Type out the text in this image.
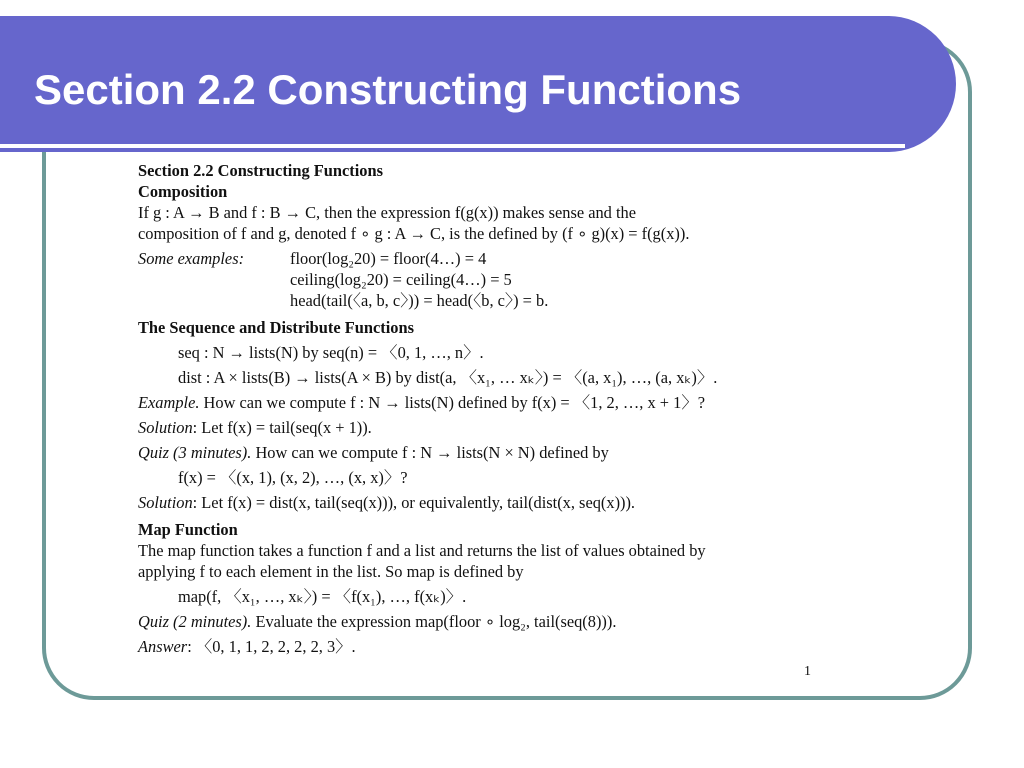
Section 2.2 Constructing Functions
Section 2.2 Constructing Functions
Composition
If g : A → B and f : B → C, then the expression f(g(x)) makes sense and the
composition of f and g, denoted f ∘ g : A → C, is the defined by (f ∘ g)(x) = f(g(x)).
Some examples:	floor(log₂20) = floor(4…) = 4
ceiling(log₂20) = ceiling(4…) = 5
head(tail(〈a, b, c〉)) = head(〈b, c〉) = b.
The Sequence and Distribute Functions
seq : N → lists(N) by seq(n) = 〈0, 1, …, n〉.
dist : A × lists(B) → lists(A × B) by dist(a, 〈x₁, … xₖ〉) = 〈(a, x₁), …, (a, xₖ)〉.
Example. How can we compute f : N → lists(N) defined by f(x) = 〈1, 2, …, x + 1〉?
Solution: Let f(x) = tail(seq(x + 1)).
Quiz (3 minutes). How can we compute f : N → lists(N × N) defined by
f(x) = 〈(x, 1), (x, 2), …, (x, x)〉?
Solution: Let f(x) = dist(x, tail(seq(x))), or equivalently, tail(dist(x, seq(x))).
Map Function
The map function takes a function f and a list and returns the list of values obtained by
applying f to each element in the list. So map is defined by
map(f, 〈x₁, …, xₖ〉) = 〈f(x₁), …, f(xₖ)〉.
Quiz (2 minutes). Evaluate the expression map(floor ∘ log₂, tail(seq(8))).
Answer: 〈0, 1, 1, 2, 2, 2, 2, 3〉.
1
